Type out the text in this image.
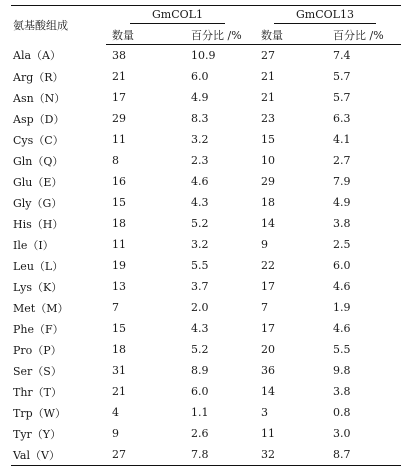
氨基酸组成	GmCOL1		GmCOL13	
	数量	百分比 /%	数量	百分比 /%
Ala（A）	38	10.9	27	7.4
Arg（R）	21	6.0	21	5.7
Asn（N）	17	4.9	21	5.7
Asp（D）	29	8.3	23	6.3
Cys（C）	11	3.2	15	4.1
Gln（Q）	8	2.3	10	2.7
Glu（E）	16	4.6	29	7.9
Gly（G）	15	4.3	18	4.9
His（H）	18	5.2	14	3.8
Ile（I）	11	3.2	9	2.5
Leu（L）	19	5.5	22	6.0
Lys（K）	13	3.7	17	4.6
Met（M）	7	2.0	7	1.9
Phe（F）	15	4.3	17	4.6
Pro（P）	18	5.2	20	5.5
Ser（S）	31	8.9	36	9.8
Thr（T）	21	6.0	14	3.8
Trp（W）	4	1.1	3	0.8
Tyr（Y）	9	2.6	11	3.0
Val（V）	27	7.8	32	8.7
